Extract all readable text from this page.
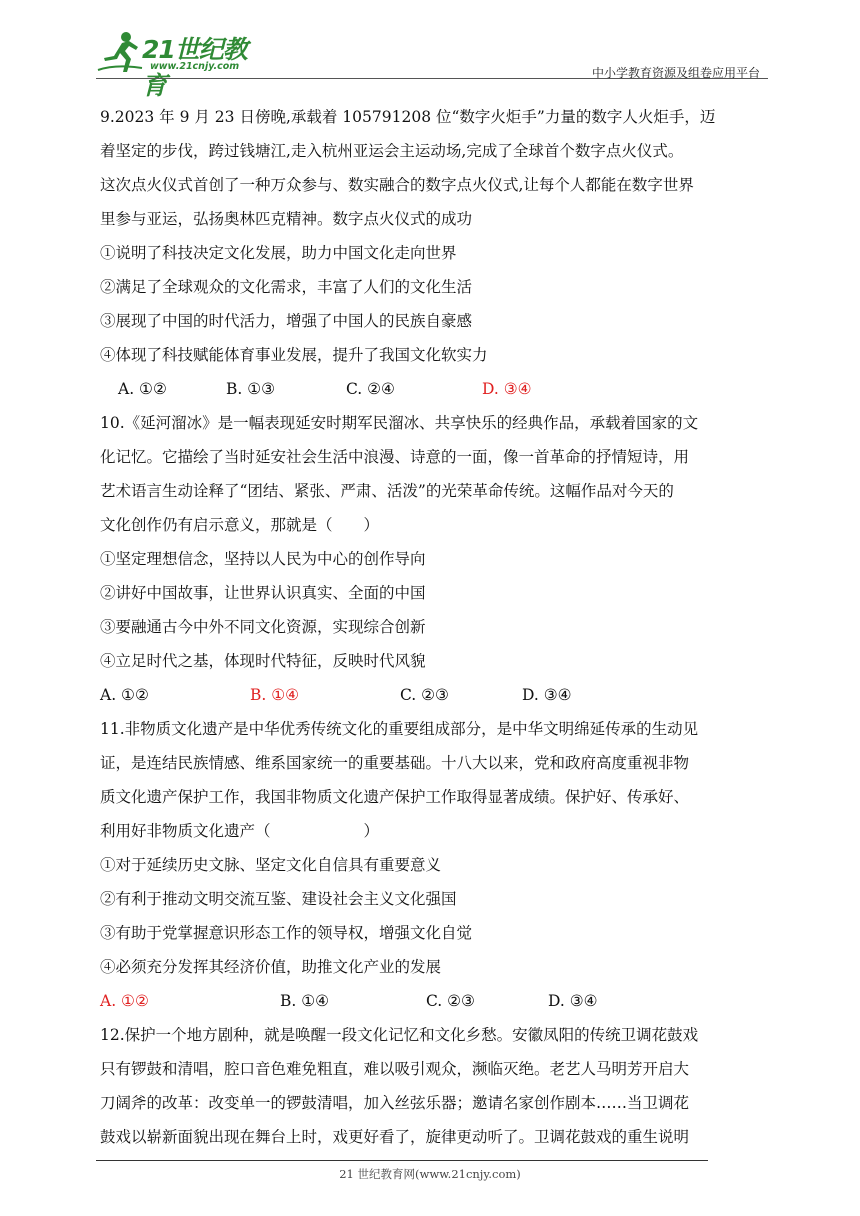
21世纪教育
www.21cnjy.com	中小学教育资源及组卷应用平台
9.2023 年 9 月 23 日傍晚,承载着 105791208 位“数字火炬手”力量的数字人火炬手，迈
着坚定的步伐，跨过钱塘江,走入杭州亚运会主运动场,完成了全球首个数字点火仪式。
这次点火仪式首创了一种万众参与、数实融合的数字点火仪式,让每个人都能在数字世界
里参与亚运，弘扬奥林匹克精神。数字点火仪式的成功
①说明了科技决定文化发展，助力中国文化走向世界
②满足了全球观众的文化需求，丰富了人们的文化生活
③展现了中国的时代活力，增强了中国人的民族自豪感
④体现了科技赋能体育事业发展，提升了我国文化软实力
A. ①②	B. ①③	C. ②④	D. ③④
10.《延河溜冰》是一幅表现延安时期军民溜冰、共享快乐的经典作品，承载着国家的文
化记忆。它描绘了当时延安社会生活中浪漫、诗意的一面，像一首革命的抒情短诗，用
艺术语言生动诠释了“团结、紧张、严肃、活泼”的光荣革命传统。这幅作品对今天的
文化创作仍有启示意义，那就是（　　）
①坚定理想信念，坚持以人民为中心的创作导向
②讲好中国故事，让世界认识真实、全面的中国
③要融通古今中外不同文化资源，实现综合创新
④立足时代之基，体现时代特征，反映时代风貌
A. ①②	B. ①④	C. ②③	D. ③④
11.非物质文化遗产是中华优秀传统文化的重要组成部分，是中华文明绵延传承的生动见
证，是连结民族情感、维系国家统一的重要基础。十八大以来，党和政府高度重视非物
质文化遗产保护工作，我国非物质文化遗产保护工作取得显著成绩。保护好、传承好、
利用好非物质文化遗产（　　　　　　）
①对于延续历史文脉、坚定文化自信具有重要意义
②有利于推动文明交流互鉴、建设社会主义文化强国
③有助于党掌握意识形态工作的领导权，增强文化自觉
④必须充分发挥其经济价值，助推文化产业的发展
A. ①②	B. ①④	C. ②③	D. ③④
12.保护一个地方剧种，就是唤醒一段文化记忆和文化乡愁。安徽凤阳的传统卫调花鼓戏
只有锣鼓和清唱，腔口音色难免粗直，难以吸引观众，濒临灭绝。老艺人马明芳开启大
刀阔斧的改革：改变单一的锣鼓清唱，加入丝弦乐器；邀请名家创作剧本……当卫调花
鼓戏以崭新面貌出现在舞台上时，戏更好看了，旋律更动听了。卫调花鼓戏的重生说明
21 世纪教育网(www.21cnjy.com)
